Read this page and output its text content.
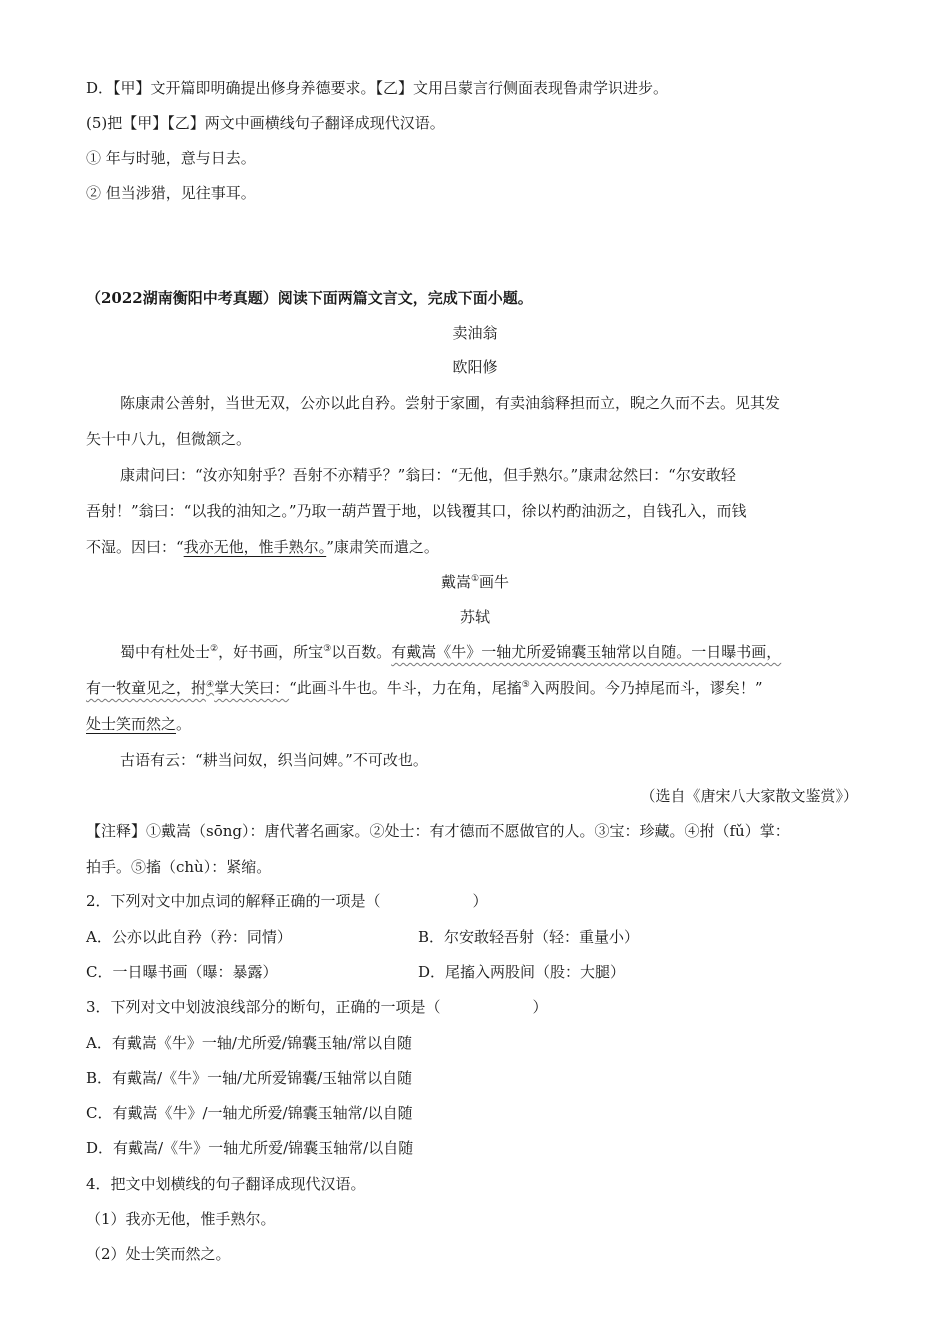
D．【甲】文开篇即明确提出修身养德要求。【乙】文用吕蒙言行侧面表现鲁肃学识进步。
(5)把【甲】【乙】两文中画横线句子翻译成现代汉语。
① 年与时驰，意与日去。
② 但当涉猎，见往事耳。
（2022湖南衡阳中考真题）阅读下面两篇文言文，完成下面小题。
卖油翁
欧阳修
陈康肃公善射，当世无双，公亦以此自矜。尝射于家圃，有卖油翁释担而立，睨之久而不去。见其发
矢十中八九，但微颔之。
康肃问曰：“汝亦知射乎？吾射不亦精乎？”翁曰：“无他，但手熟尔。”康肃忿然曰：“尔安敢轻
吾射！”翁曰：“以我的油知之。”乃取一葫芦置于地，以钱覆其口，徐以杓酌油沥之，自钱孔入，而钱
不湿。因曰：“我亦无他，惟手熟尔。”康肃笑而遣之。
戴嵩①画牛
苏轼
蜀中有杜处士②，好书画，所宝③以百数。有戴嵩《牛》一轴尤所爱锦囊玉轴常以自随。一日曝书画，
有一牧童见之，拊④掌大笑曰：“此画斗牛也。牛斗，力在角，尾搐⑤入两股间。今乃掉尾而斗，谬矣！”
处士笑而然之。
古语有云：“耕当问奴，织当问婢。”不可改也。
（选自《唐宋八大家散文鉴赏》）
【注释】①戴嵩（sōng）：唐代著名画家。②处士：有才德而不愿做官的人。③宝：珍藏。④拊（fǔ）掌：
拍手。⑤搐（chù）：紧缩。
2．下列对文中加点词的解释正确的一项是（	）
A．公亦以此自矜（矜：同情）	B．尔安敢轻吾射（轻：重量小）
C．一日曝书画（曝：暴露）	D．尾搐入两股间（股：大腿）
3．下列对文中划波浪线部分的断句，正确的一项是（	）
A．有戴嵩《牛》一轴/尤所爱/锦囊玉轴/常以自随
B．有戴嵩/《牛》一轴/尤所爱锦囊/玉轴常以自随
C．有戴嵩《牛》/一轴尤所爱/锦囊玉轴常/以自随
D．有戴嵩/《牛》一轴尤所爱/锦囊玉轴常/以自随
4．把文中划横线的句子翻译成现代汉语。
（1）我亦无他，惟手熟尔。
（2）处士笑而然之。
